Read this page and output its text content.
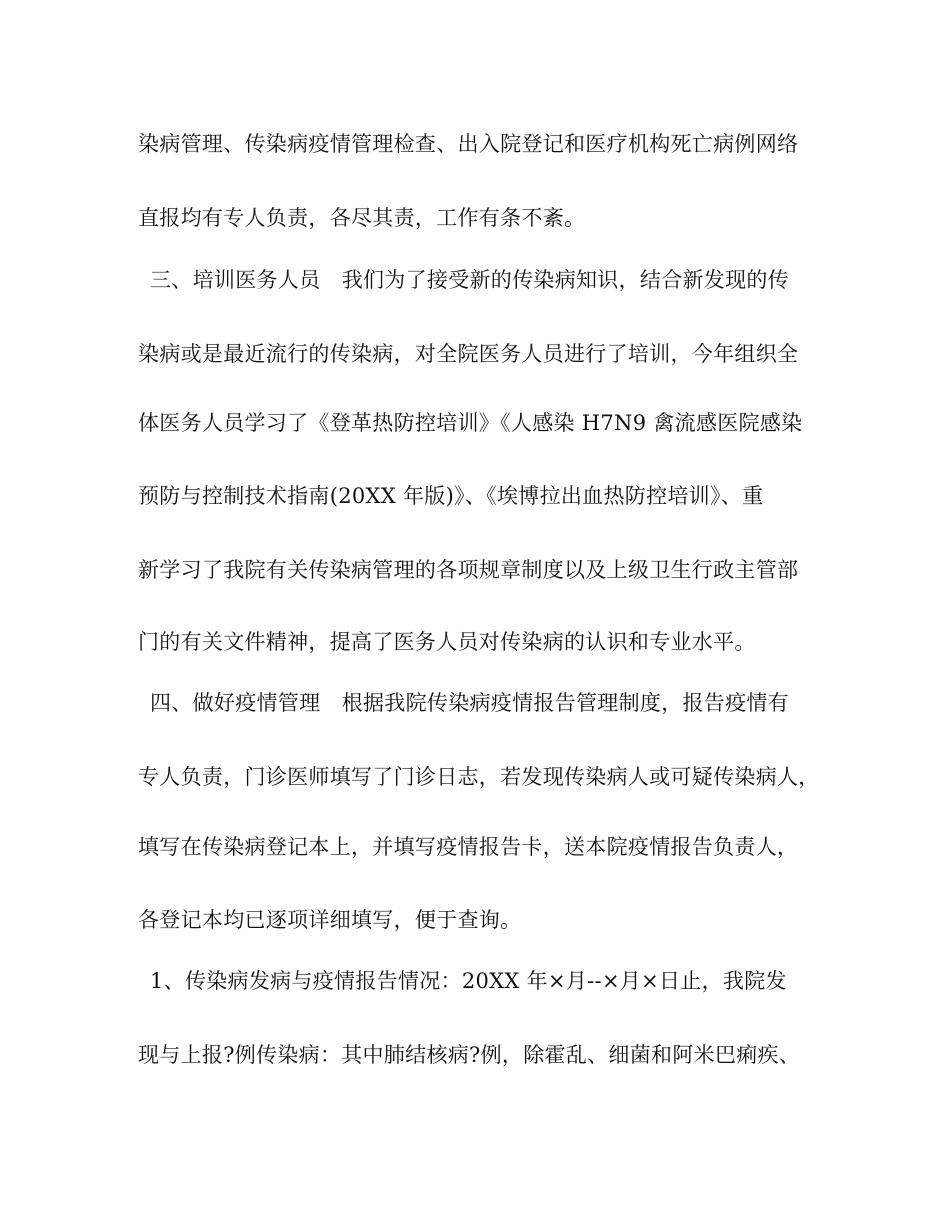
染病管理、传染病疫情管理检查、出入院登记和医疗机构死亡病例网络
直报均有专人负责，各尽其责，工作有条不紊。
三、培训医务人员　我们为了接受新的传染病知识，结合新发现的传
染病或是最近流行的传染病，对全院医务人员进行了培训，今年组织全
体医务人员学习了《登革热防控培训》《人感染 H7N9 禽流感医院感染
预防与控制技术指南(20XX 年版)》、《埃博拉出血热防控培训》、重
新学习了我院有关传染病管理的各项规章制度以及上级卫生行政主管部
门的有关文件精神，提高了医务人员对传染病的认识和专业水平。
四、做好疫情管理　根据我院传染病疫情报告管理制度，报告疫情有
专人负责，门诊医师填写了门诊日志，若发现传染病人或可疑传染病人，
填写在传染病登记本上，并填写疫情报告卡，送本院疫情报告负责人，
各登记本均已逐项详细填写，便于查询。
1、传染病发病与疫情报告情况：20XX 年×月--×月×日止，我院发
现与上报?例传染病：其中肺结核病?例，除霍乱、细菌和阿米巴痢疾、
